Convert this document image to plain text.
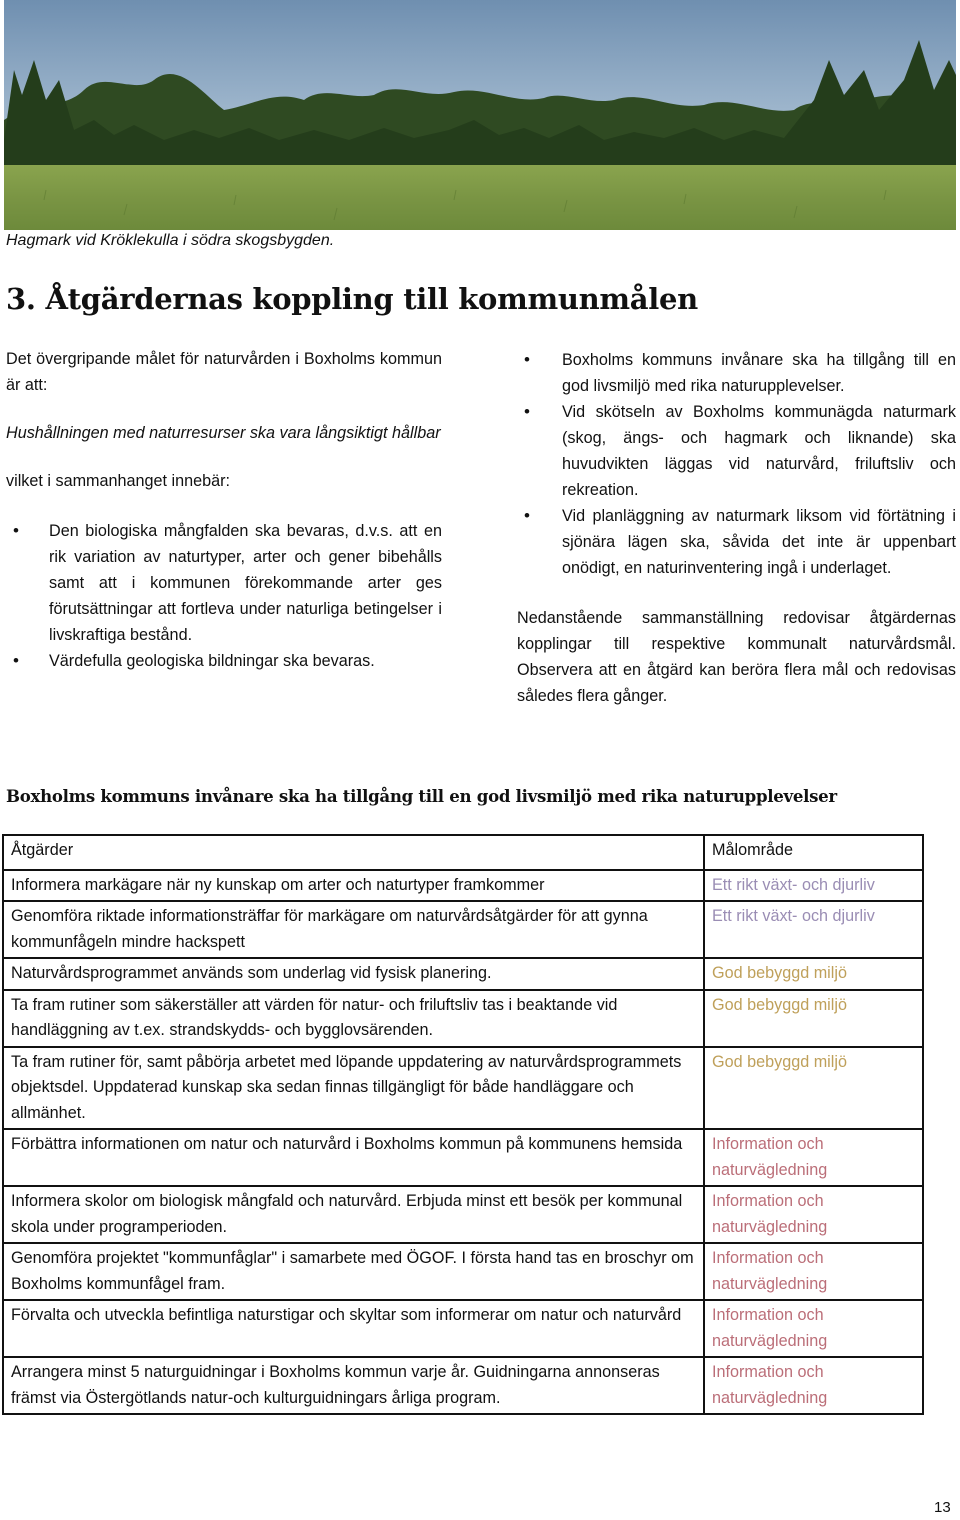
Hagmark vid Kröklekulla i södra skogsbygden.
3. Åtgärdernas koppling till kommunmålen

Det övergripande målet för naturvården i Boxholms kommun är att:

Hushållningen med naturresurser ska vara långsiktigt hållbar

vilket i sammanhanget innebär:

• Den biologiska mångfalden ska bevaras, d.v.s. att en rik variation av naturtyper, arter och gener bibehålls samt att i kommunen förekommande arter ges förutsättningar att fortleva under naturliga betingelser i livskraftiga bestånd.
• Värdefulla geologiska bildningar ska bevaras.
• Boxholms kommuns invånare ska ha tillgång till en god livsmiljö med rika naturupplevelser.
• Vid skötseln av Boxholms kommunägda naturmark (skog, ängs- och hagmark och liknande) ska huvudvikten läggas vid naturvård, friluftsliv och rekreation.
• Vid planläggning av naturmark liksom vid förtätning i sjönära lägen ska, såvida det inte är uppenbart onödigt, en naturinventering ingå i underlaget.

Nedanstående sammanställning redovisar åtgärdernas kopplingar till respektive kommunalt naturvårdsmål. Observera att en åtgärd kan beröra flera mål och redovisas således flera gånger.

Boxholms kommuns invånare ska ha tillgång till en god livsmiljö med rika naturupplevelser
Åtgärder	Målområde
Informera markägare när ny kunskap om arter och naturtyper framkommer	Ett rikt växt- och djurliv
Genomföra riktade informationsträffar för markägare om naturvårdsåtgärder för att gynna kommunfågeln mindre hackspett	Ett rikt växt- och djurliv
Naturvårdsprogrammet används som underlag vid fysisk planering.	God bebyggd miljö
Ta fram rutiner som säkerställer att värden för natur- och friluftsliv tas i beaktande vid handläggning av t.ex. strandskydds- och bygglovsärenden.	God bebyggd miljö
Ta fram rutiner för, samt påbörja arbetet med löpande uppdatering av naturvårdsprogrammets objektsdel. Uppdaterad kunskap ska sedan finnas tillgängligt för både handläggare och allmänhet.	God bebyggd miljö
Förbättra informationen om natur och naturvård i Boxholms kommun på kommunens hemsida	Information och naturvägledning
Informera skolor om biologisk mångfald och naturvård. Erbjuda minst ett besök per kommunal skola under programperioden.	Information och naturvägledning
Genomföra projektet "kommunfåglar" i samarbete med ÖGOF. I första hand tas en broschyr om Boxholms kommunfågel fram.	Information och naturvägledning
Förvalta och utveckla befintliga naturstigar och skyltar som informerar om natur och naturvård	Information och naturvägledning
Arrangera minst 5 naturguidningar i Boxholms kommun varje år. Guidningarna annonseras främst via Östergötlands natur-och kulturguidningars årliga program.	Information och naturvägledning
13
